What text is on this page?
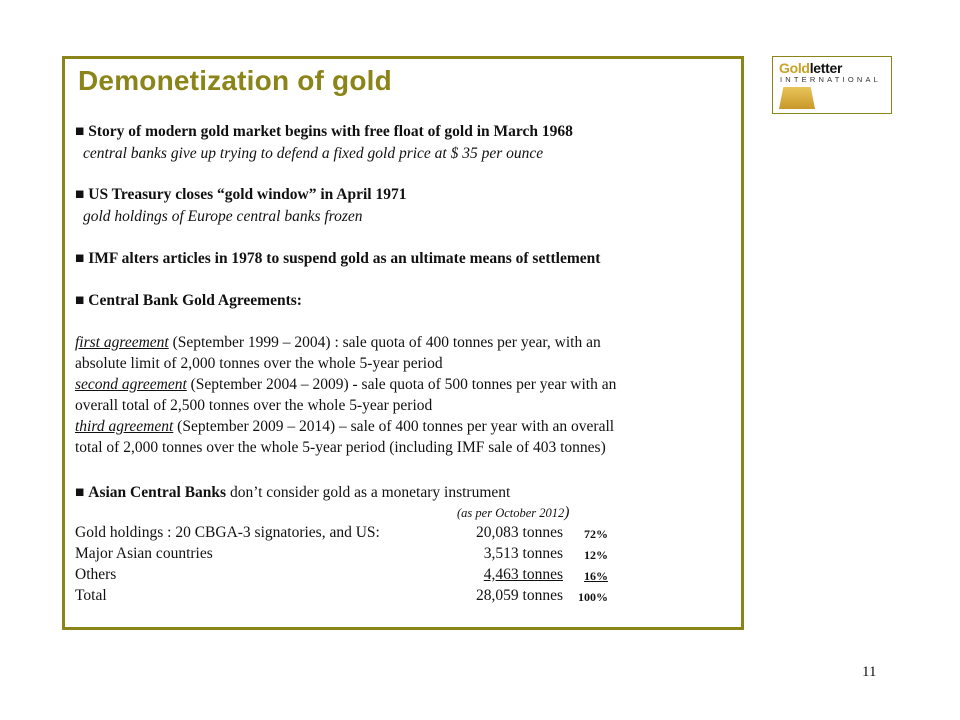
Demonetization of gold
■ Story of modern gold market begins with free float of gold in March 1968
central banks give up trying to defend a fixed gold price at $ 35 per ounce
■ US Treasury closes “gold window” in April 1971
gold holdings of Europe central banks frozen
■ IMF alters articles in 1978 to suspend gold as an ultimate means of settlement
■ Central Bank Gold Agreements:
first agreement (September 1999 – 2004) : sale quota of 400 tonnes per year, with an
absolute limit of 2,000 tonnes over the whole 5-year period
second agreement (September 2004 – 2009) - sale quota of 500 tonnes per year with an
overall total of 2,500 tonnes over the whole 5-year period
third agreement (September 2009 – 2014) – sale of 400 tonnes per year with an overall
total of 2,000 tonnes over the whole 5-year period (including IMF sale of 403 tonnes)
■ Asian Central Banks don’t consider gold as a monetary instrument
(as per October 2012)
Gold holdings : 20 CBGA-3 signatories, and US:	20,083 tonnes	72%
Major Asian countries	3,513 tonnes	12%
Others	4,463 tonnes	16%
Total	28,059 tonnes	100%
Goldletter
INTERNATIONAL
11
